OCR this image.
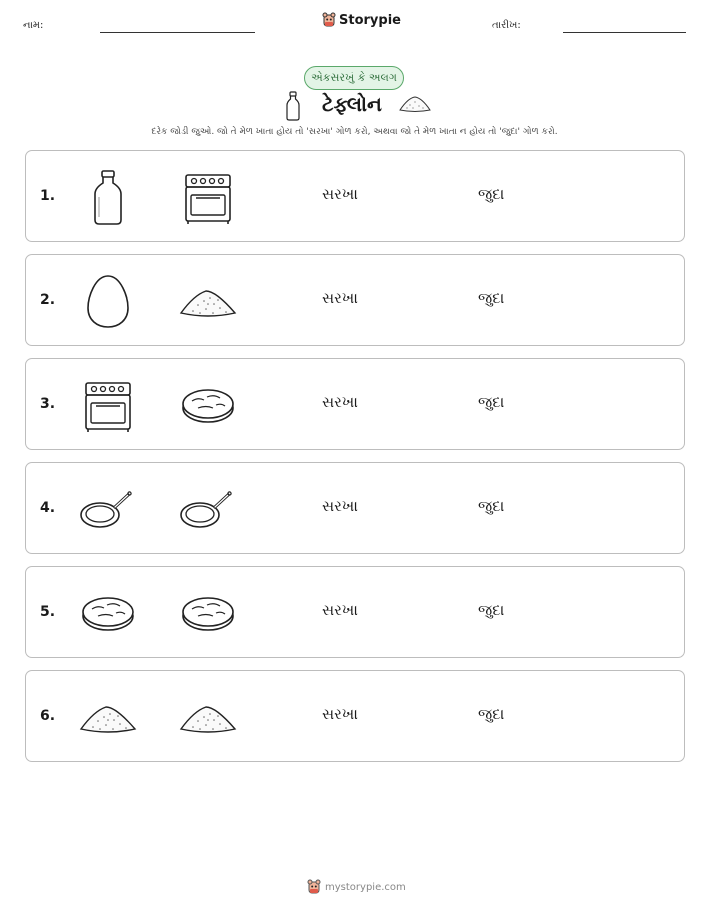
નામ:	Storypie	તારીખ:
એકસરખું કે અલગ
ટેફ્લોન
દરેક જોડી જુઓ. જો તે મેળ ખાતા હોય તો 'સરખા' ગોળ કરો, અથવા જો તે મેળ ખાતા ન હોય તો 'જુદા' ગોળ કરો.
1.	સરખા	જુદા
2.	સરખા	જુદા
3.	સરખા	જુદા
4.	સરખા	જુદા
5.	સરખા	જુદા
6.	સરખા	જુદા
mystorypie.com
